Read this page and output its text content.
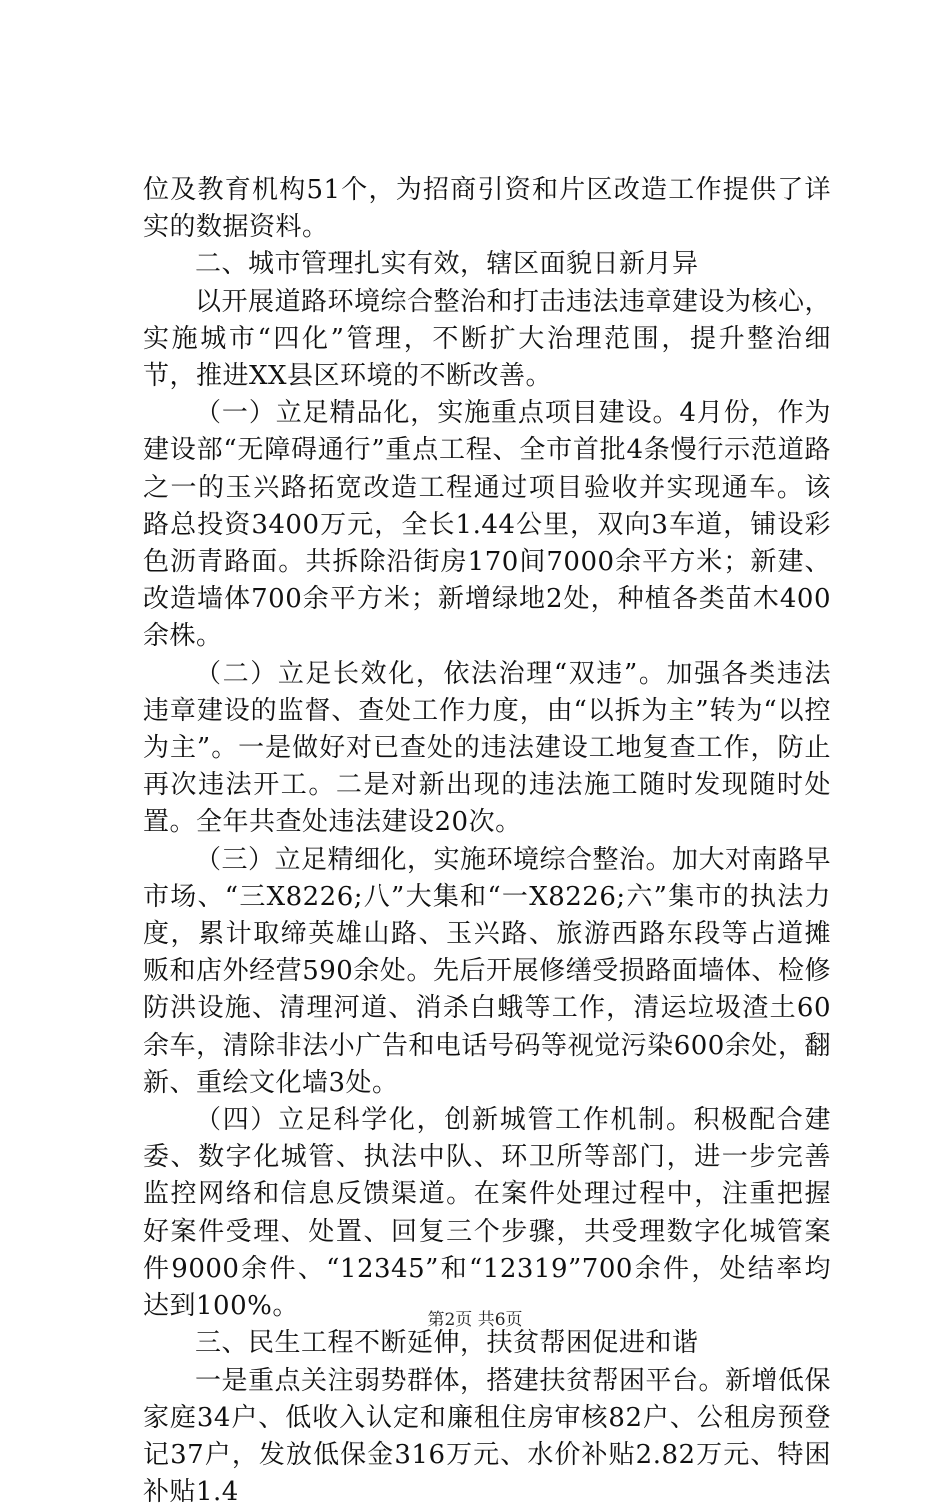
位及教育机构51个，为招商引资和片区改造工作提供了详实的数据资料。

二、城市管理扎实有效，辖区面貌日新月异

以开展道路环境综合整治和打击违法违章建设为核心，实施城市“四化”管理，不断扩大治理范围，提升整治细节，推进XX县区环境的不断改善。

（一）立足精品化，实施重点项目建设。4月份，作为建设部“无障碍通行”重点工程、全市首批4条慢行示范道路之一的玉兴路拓宽改造工程通过项目验收并实现通车。该路总投资3400万元，全长1.44公里，双向3车道，铺设彩色沥青路面。共拆除沿街房170间7000余平方米；新建、改造墙体700余平方米；新增绿地2处，种植各类苗木400余株。

（二）立足长效化，依法治理“双违”。加强各类违法违章建设的监督、查处工作力度，由“以拆为主”转为“以控为主”。一是做好对已查处的违法建设工地复查工作，防止再次违法开工。二是对新出现的违法施工随时发现随时处置。全年共查处违法建设20次。

（三）立足精细化，实施环境综合整治。加大对南路早市场、“三X8226;八”大集和“一X8226;六”集市的执法力度，累计取缔英雄山路、玉兴路、旅游西路东段等占道摊贩和店外经营590余处。先后开展修缮受损路面墙体、检修防洪设施、清理河道、消杀白蛾等工作，清运垃圾渣土60余车，清除非法小广告和电话号码等视觉污染600余处，翻新、重绘文化墙3处。

（四）立足科学化，创新城管工作机制。积极配合建委、数字化城管、执法中队、环卫所等部门，进一步完善监控网络和信息反馈渠道。在案件处理过程中，注重把握好案件受理、处置、回复三个步骤，共受理数字化城管案件9000余件、“12345”和“12319”700余件，处结率均达到100%。

三、民生工程不断延伸，扶贫帮困促进和谐

一是重点关注弱势群体，搭建扶贫帮困平台。新增低保家庭34户、低收入认定和廉租住房审核82户、公租房预登记37户，发放低保金316万元、水价补贴2.82万元、特困补贴1.4

第2页 共6页
